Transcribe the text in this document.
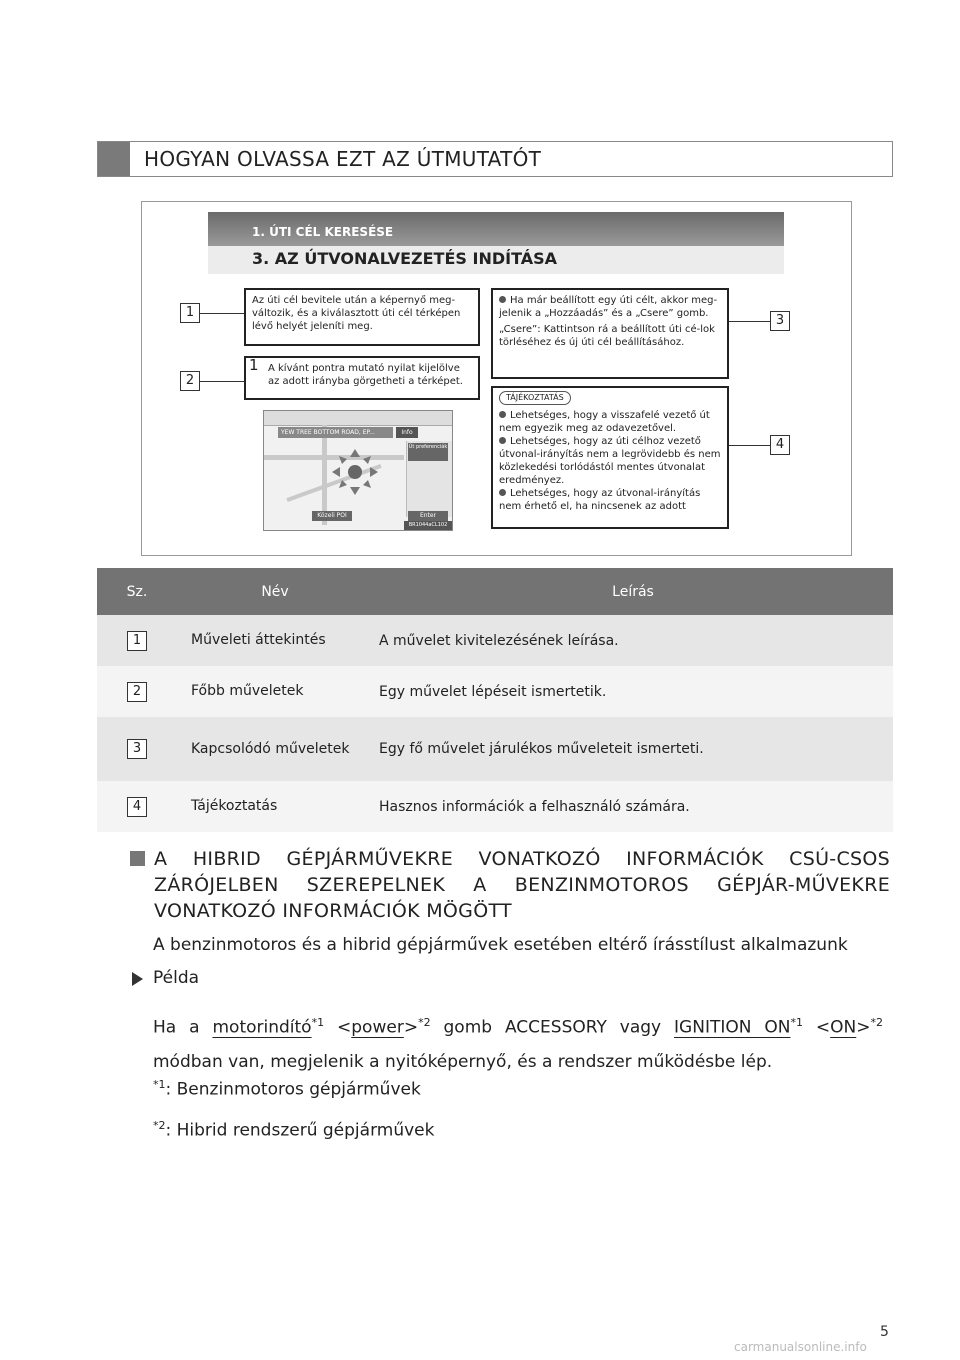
HOGYAN OLVASSA EZT AZ ÚTMUTATÓT
1. ÚTI CÉL KERESÉSE
3. AZ ÚTVONALVEZETÉS INDÍTÁSA
1
2
3
4

Az úti cél bevitele után a képernyő meg-változik, és a kiválasztott úti cél térképen lévő helyét jeleníti meg.

1 A kívánt pontra mutató nyilat kijelölve az adott irányba görgetheti a térképet.

YEW TREE BOTTOM ROAD, EP...	Info
Út preferenciák
Közeli POI	Enter
BR1044aCL102

Ha már beállított egy úti célt, akkor meg-jelenik a „Hozzáadás” és a „Csere” gomb.

„Csere”: Kattintson rá a beállított úti cé-lok törléséhez és új úti cél beállításához.

TÁJÉKOZTATÁS

Lehetséges, hogy a visszafelé vezető út nem egyezik meg az odavezetővel.

Lehetséges, hogy az úti célhoz vezető útvonal-irányítás nem a legrövidebb és nem közlekedési torlódástól mentes útvonalat eredményez.

Lehetséges, hogy az útvonal-irányítás nem érhető el, ha nincsenek az adott

Sz.	Név	Leírás
1	Műveleti áttekintés	A művelet kivitelezésének leírása.
2	Főbb műveletek	Egy művelet lépéseit ismertetik.
3	Kapcsolódó műveletek	Egy fő művelet járulékos műveleteit ismerteti.
4	Tájékoztatás	Hasznos információk a felhasználó számára.
A HIBRID GÉPJÁRMŰVEKRE VONATKOZÓ INFORMÁCIÓK CSÚ-CSOS ZÁRÓJELBEN SZEREPELNEK A BENZINMOTOROS GÉPJÁR-MŰVEKRE VONATKOZÓ INFORMÁCIÓK MÖGÖTT
A benzinmotoros és a hibrid gépjárművek esetében eltérő írásstílust alkalmazunk
Példa
Ha a motorindító$^{*1}$ <power>$^{*2}$ gomb ACCESSORY vagy IGNITION $ON^{*1} <ON>^{*2}$ módban van, megjelenik a nyitóképernyő, és a rendszer működésbe lép.
$^{*1}$: Benzinmotoros gépjárművek
$^{*2}$: Hibrid rendszerű gépjárművek
5
carmanualsonline.info
